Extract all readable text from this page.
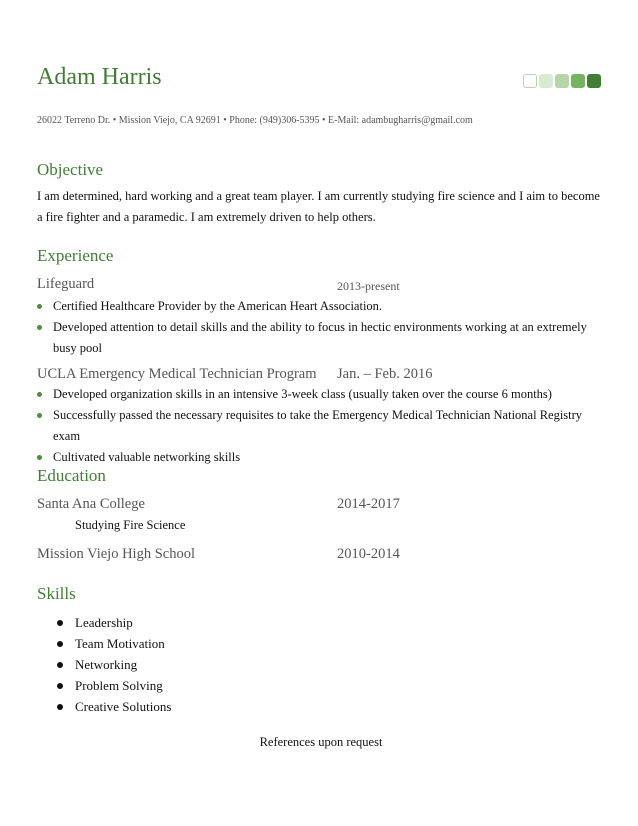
Adam Harris
26022 Terreno Dr. • Mission Viejo, CA 92691 • Phone: (949)306-5395 • E-Mail: adambugharris@gmail.com
Objective
I am determined, hard working and a great team player. I am currently studying fire science and I aim to become a fire fighter and a paramedic. I am extremely driven to help others.
Experience
Lifeguard	2013-present
Certified Healthcare Provider by the American Heart Association.
Developed attention to detail skills and the ability to focus in hectic environments working at an extremely busy pool
UCLA Emergency Medical Technician Program Jan. – Feb. 2016
Developed organization skills in an intensive 3-week class (usually taken over the course 6 months)
Successfully passed the necessary requisites to take the Emergency Medical Technician National Registry exam
Cultivated valuable networking skills
Education
Santa Ana College	2014-2017
Studying Fire Science
Mission Viejo High School	2010-2014
Skills
Leadership
Team Motivation
Networking
Problem Solving
Creative Solutions
References upon request
